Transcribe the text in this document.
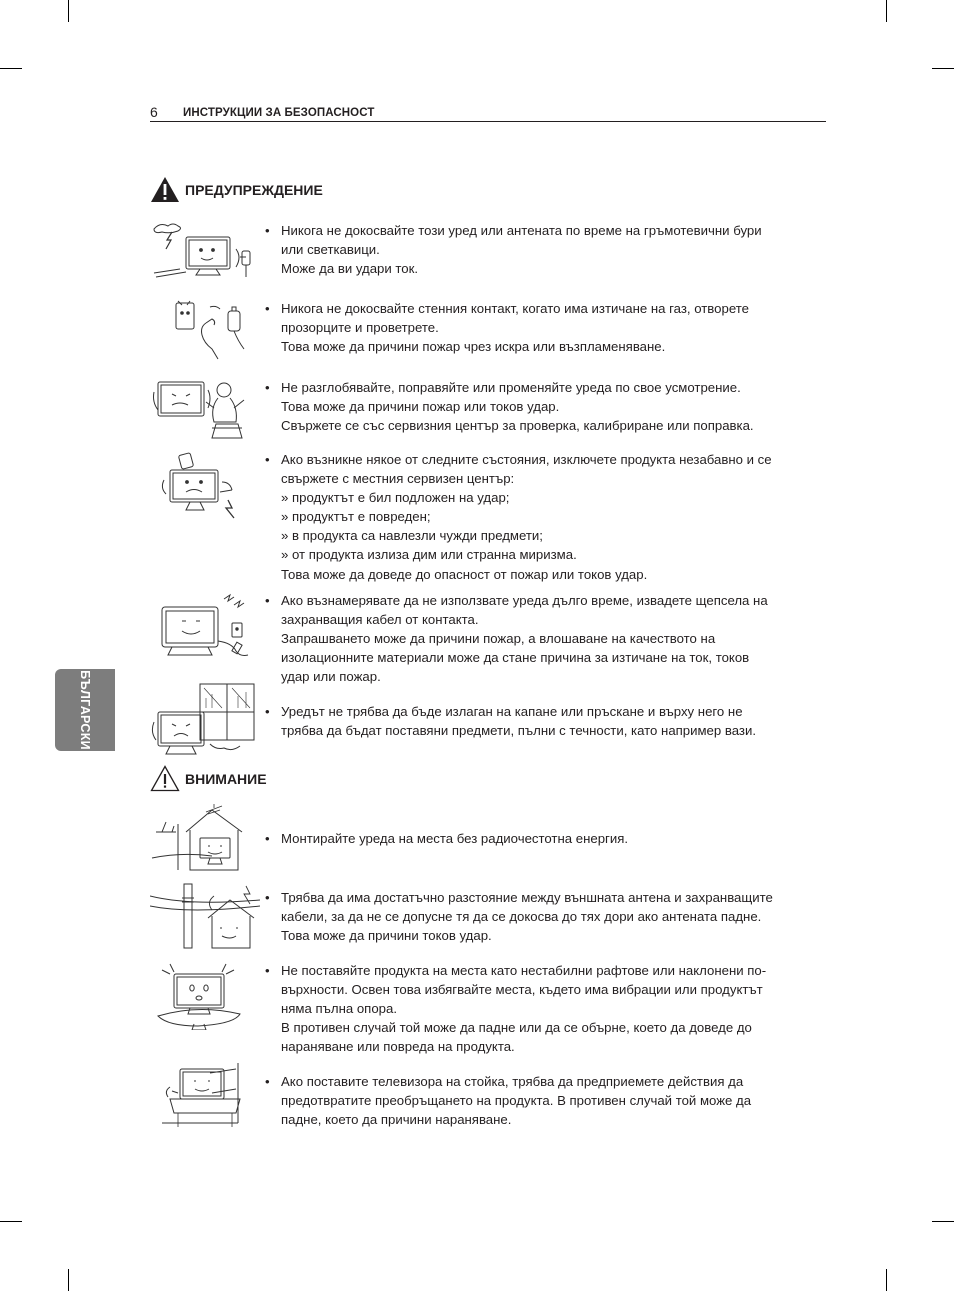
6 ИНСТРУКЦИИ ЗА БЕЗОПАСНОСТ
БЪЛГАРСКИ
ПРЕДУПРЕЖДЕНИЕ
• Никога не докосвайте този уред или антената по време на гръмотевични бури
или светкавици.
Може да ви удари ток.
• Никога не докосвайте стенния контакт, когато има изтичане на газ, отворете
прозорците и проветрете.
Това може да причини пожар чрез искра или възпламеняване.
• Не разглобявайте, поправяйте или променяйте уреда по свое усмотрение.
Това може да причини пожар или токов удар.
Свържете се със сервизния център за проверка, калибриране или поправка.
• Ако възникне някое от следните състояния, изключете продукта незабавно и се
свържете с местния сервизен център:
» продуктът е бил подложен на удар;
» продуктът е повреден;
» в продукта са навлезли чужди предмети;
» от продукта излиза дим или странна миризма.
Това може да доведе до опасност от пожар или токов удар.
• Ако възнамерявате да не използвате уреда дълго време, извадете щепсела на
захранващия кабел от контакта.
Запрашването може да причини пожар, а влошаване на качеството на
изолационните материали може да стане причина за изтичане на ток, токов
удар или пожар.
• Уредът не трябва да бъде излаган на капане или пръскане и върху него не
трябва да бъдат поставяни предмети, пълни с течности, като например вази.
ВНИМАНИЕ
• Монтирайте уреда на места без радиочестотна енергия.
• Трябва да има достатъчно разстояние между външната антена и захранващите
кабели, за да не се допусне тя да се докосва до тях дори ако антената падне.
Това може да причини токов удар.
• Не поставяйте продукта на места като нестабилни рафтове или наклонени по-
върхности. Освен това избягвайте места, където има вибрации или продуктът
няма пълна опора.
В противен случай той може да падне или да се обърне, което да доведе до
нараняване или повреда на продукта.
• Ако поставите телевизора на стойка, трябва да предприемете действия да
предотвратите преобръщането на продукта. В противен случай той може да
падне, което да причини нараняване.
